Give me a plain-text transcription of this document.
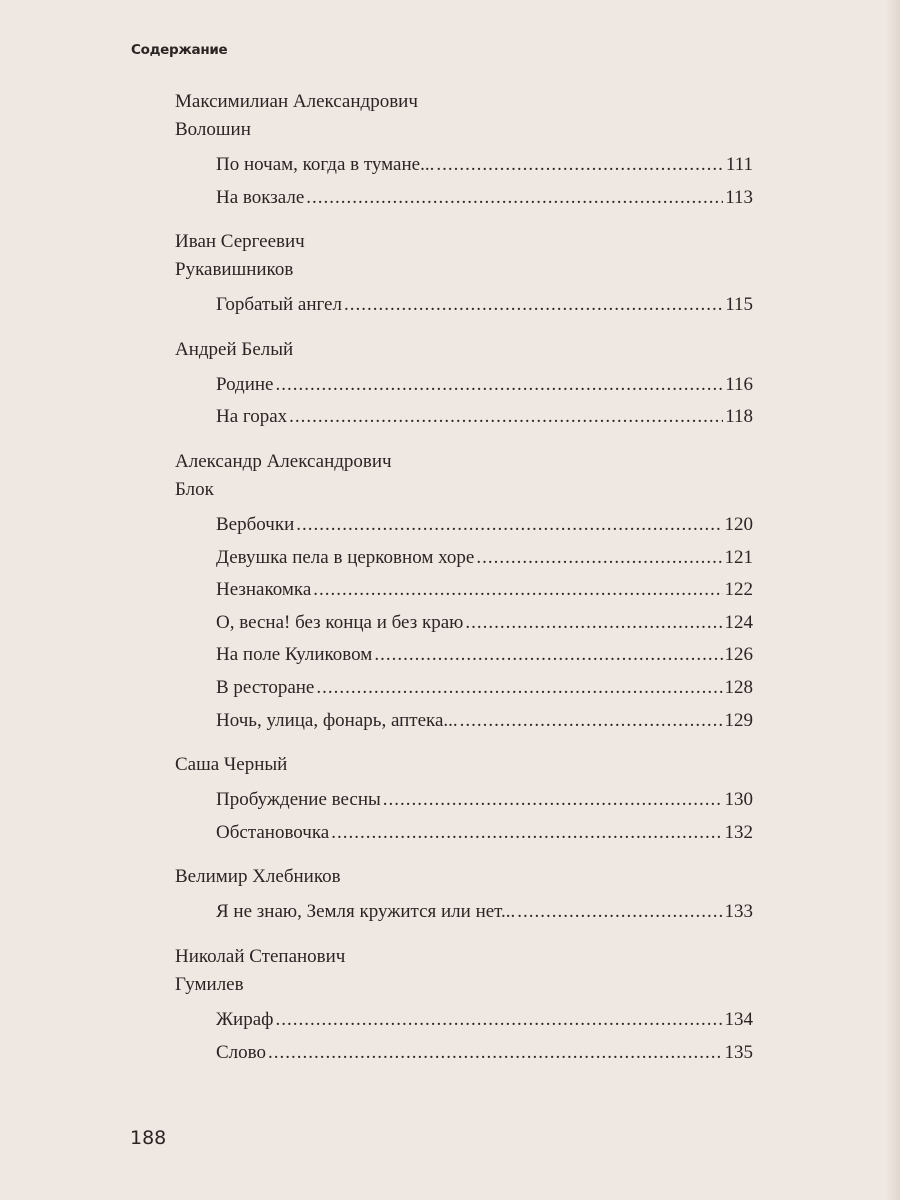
Содержание
Максимилиан Александрович
Волошин
По ночам, когда в тумане... .....	111
На вокзале .....	113
Иван Сергеевич
Рукавишников
Горбатый ангел .....	115
Андрей Белый
Родине .....	116
На горах .....	118
Александр Александрович
Блок
Вербочки .....	120
Девушка пела в церковном хоре .....	121
Незнакомка .....	122
О, весна! без конца и без краю .....	124
На поле Куликовом .....	126
В ресторане .....	128
Ночь, улица, фонарь, аптека... .....	129
Саша Черный
Пробуждение весны .....	130
Обстановочка .....	132
Велимир Хлебников
Я не знаю, Земля кружится или нет... .....	133
Николай Степанович
Гумилев
Жираф .....	134
Слово .....	135
188
